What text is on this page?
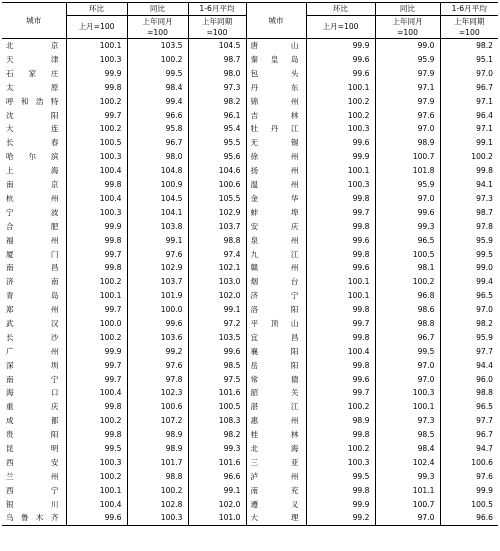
城市	环比	同比	1-6月平均	城市	环比	同比	1-6月平均
	上月=100	上年同月	上年同期		上月=100	上年同月	上年同期
		=100	=100			=100	=100
北京	100.1	103.5	104.5	唐山	99.9	99.0	98.2
天津	100.3	100.2	98.7	秦皇岛	99.6	95.9	95.1
石家庄	99.9	99.5	98.0	包头	99.6	97.9	97.0
太原	99.8	98.4	97.3	丹东	100.1	97.1	96.7
呼和浩特	100.2	99.4	98.2	锦州	100.2	97.9	97.1
沈阳	99.7	96.6	96.1	吉林	100.2	97.6	96.4
大连	100.2	95.8	95.4	牡丹江	100.3	97.0	97.1
长春	100.5	96.7	95.5	无锡	99.6	98.9	99.1
哈尔滨	100.3	98.0	95.6	徐州	99.9	100.7	100.2
上海	100.4	104.8	104.6	扬州	100.1	101.8	99.8
南京	99.8	100.9	100.6	温州	100.3	95.9	94.1
杭州	100.4	104.5	105.5	金华	99.8	97.0	97.3
宁波	100.3	104.1	102.9	蚌埠	99.7	99.6	98.7
合肥	99.9	103.8	103.7	安庆	99.8	99.3	97.8
福州	99.8	99.1	98.8	泉州	99.6	96.5	95.9
厦门	99.7	97.6	97.4	九江	99.8	100.5	99.5
南昌	99.8	102.9	102.1	赣州	99.6	98.1	99.0
济南	100.2	103.7	103.0	烟台	100.1	100.2	99.4
青岛	100.1	101.9	102.0	济宁	100.1	96.8	96.5
郑州	99.7	100.0	99.1	洛阳	99.8	98.6	97.0
武汉	100.0	99.6	97.2	平顶山	99.7	98.8	98.2
长沙	100.2	103.6	103.5	宜昌	99.8	96.7	95.9
广州	99.9	99.2	99.6	襄阳	100.4	99.5	97.7
深圳	99.7	97.6	98.5	岳阳	99.8	97.0	94.4
南宁	99.7	97.8	97.5	常德	99.6	97.0	96.0
海口	100.4	102.3	101.6	韶关	99.7	100.3	98.8
重庆	99.8	100.6	100.5	湛江	100.2	100.1	96.5
成都	100.2	107.2	108.3	惠州	98.9	97.3	97.7
贵阳	99.8	98.9	98.2	桂林	99.8	98.5	96.7
昆明	99.5	98.9	99.3	北海	100.2	98.4	94.7
西安	100.3	101.7	101.6	三亚	100.3	102.4	100.6
兰州	100.2	98.8	96.6	泸州	99.5	99.3	97.6
西宁	100.1	100.2	99.1	南充	99.8	101.1	99.9
银川	100.4	102.8	102.0	遵义	99.9	100.7	100.5
乌鲁木齐	99.6	100.3	101.0	大理	99.2	97.0	96.6
